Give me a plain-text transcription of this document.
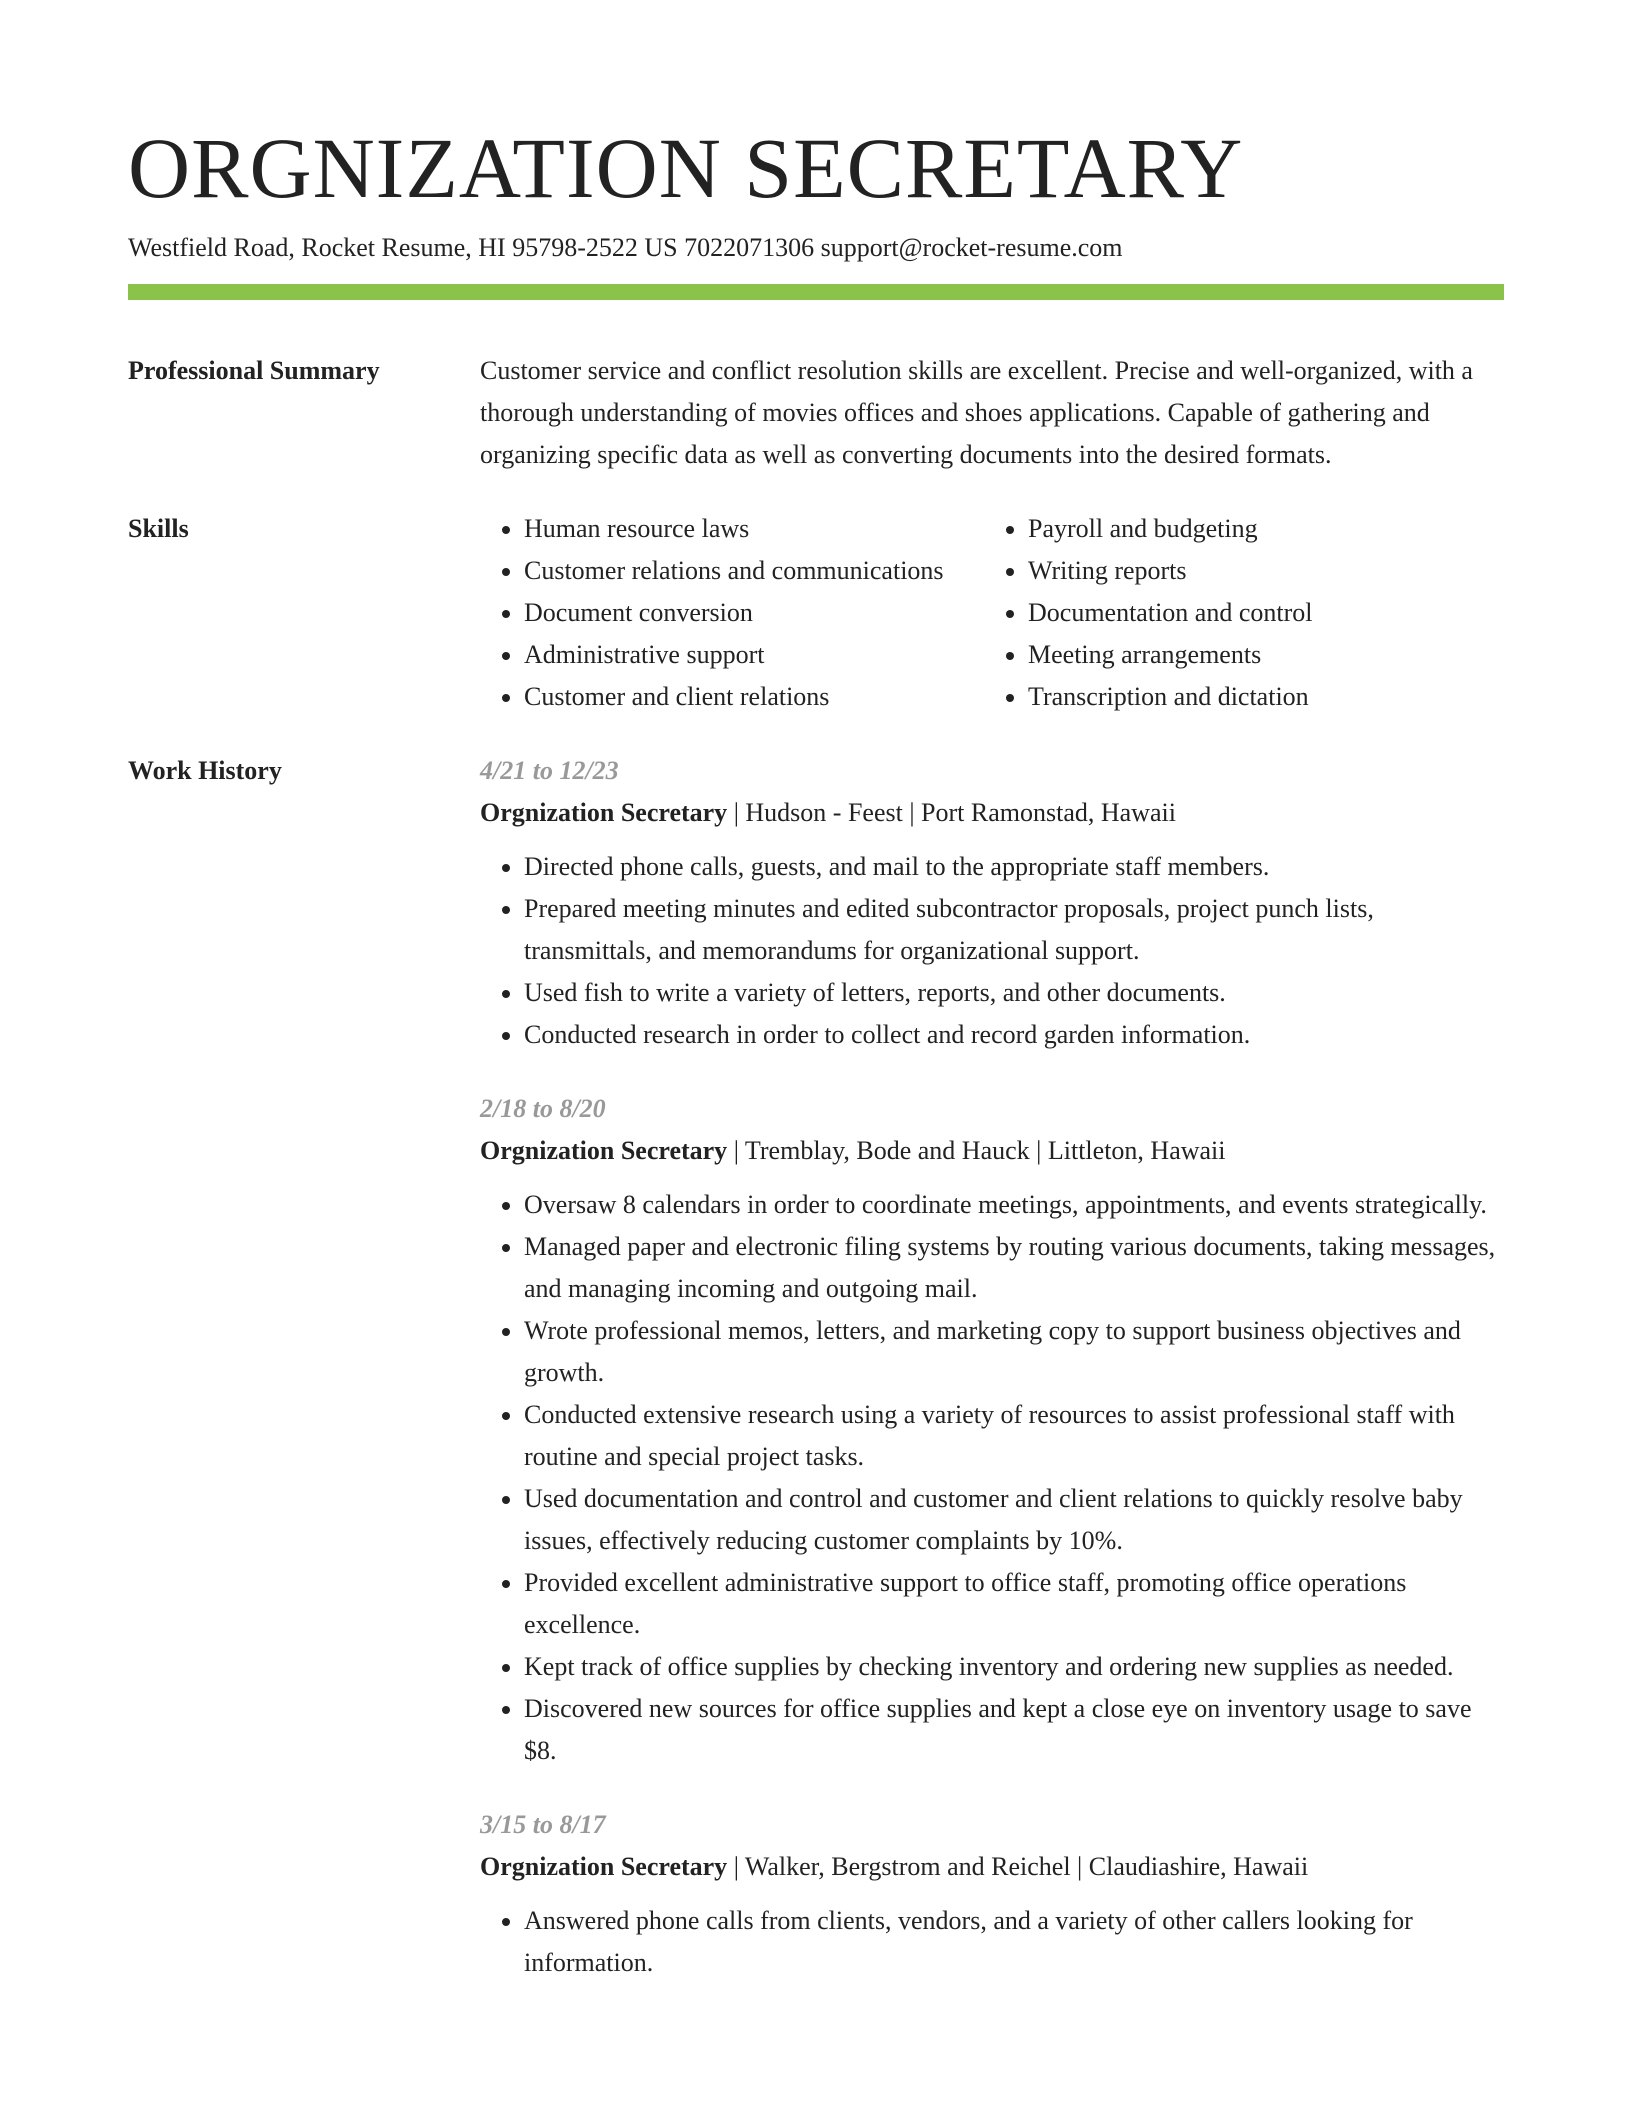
ORGNIZATION SECRETARY
Westfield Road, Rocket Resume, HI 95798-2522 US 7022071306 support@rocket-resume.com
Professional Summary	Customer service and conflict resolution skills are excellent. Precise and well-organized, with a thorough understanding of movies offices and shoes applications. Capable of gathering and organizing specific data as well as converting documents into the desired formats.
Skills
•	Human resource laws
• Customer relations and communications
• Document conversion
• Administrative support
• Customer and client relations
• Payroll and budgeting
• Writing reports
• Documentation and control
• Meeting arrangements
• Transcription and dictation
Work History	4/21 to 12/23
Orgnization Secretary | Hudson - Feest | Port Ramonstad, Hawaii
• Directed phone calls, guests, and mail to the appropriate staff members.
• Prepared meeting minutes and edited subcontractor proposals, project punch lists, transmittals, and memorandums for organizational support.
• Used fish to write a variety of letters, reports, and other documents.
• Conducted research in order to collect and record garden information.
2/18 to 8/20
Orgnization Secretary | Tremblay, Bode and Hauck | Littleton, Hawaii
• Oversaw 8 calendars in order to coordinate meetings, appointments, and events strategically.
• Managed paper and electronic filing systems by routing various documents, taking messages, and managing incoming and outgoing mail.
• Wrote professional memos, letters, and marketing copy to support business objectives and growth.
• Conducted extensive research using a variety of resources to assist professional staff with routine and special project tasks.
• Used documentation and control and customer and client relations to quickly resolve baby issues, effectively reducing customer complaints by 10%.
• Provided excellent administrative support to office staff, promoting office operations excellence.
• Kept track of office supplies by checking inventory and ordering new supplies as needed.
• Discovered new sources for office supplies and kept a close eye on inventory usage to save $8.
3/15 to 8/17
Orgnization Secretary | Walker, Bergstrom and Reichel | Claudiashire, Hawaii
• Answered phone calls from clients, vendors, and a variety of other callers looking for information.
